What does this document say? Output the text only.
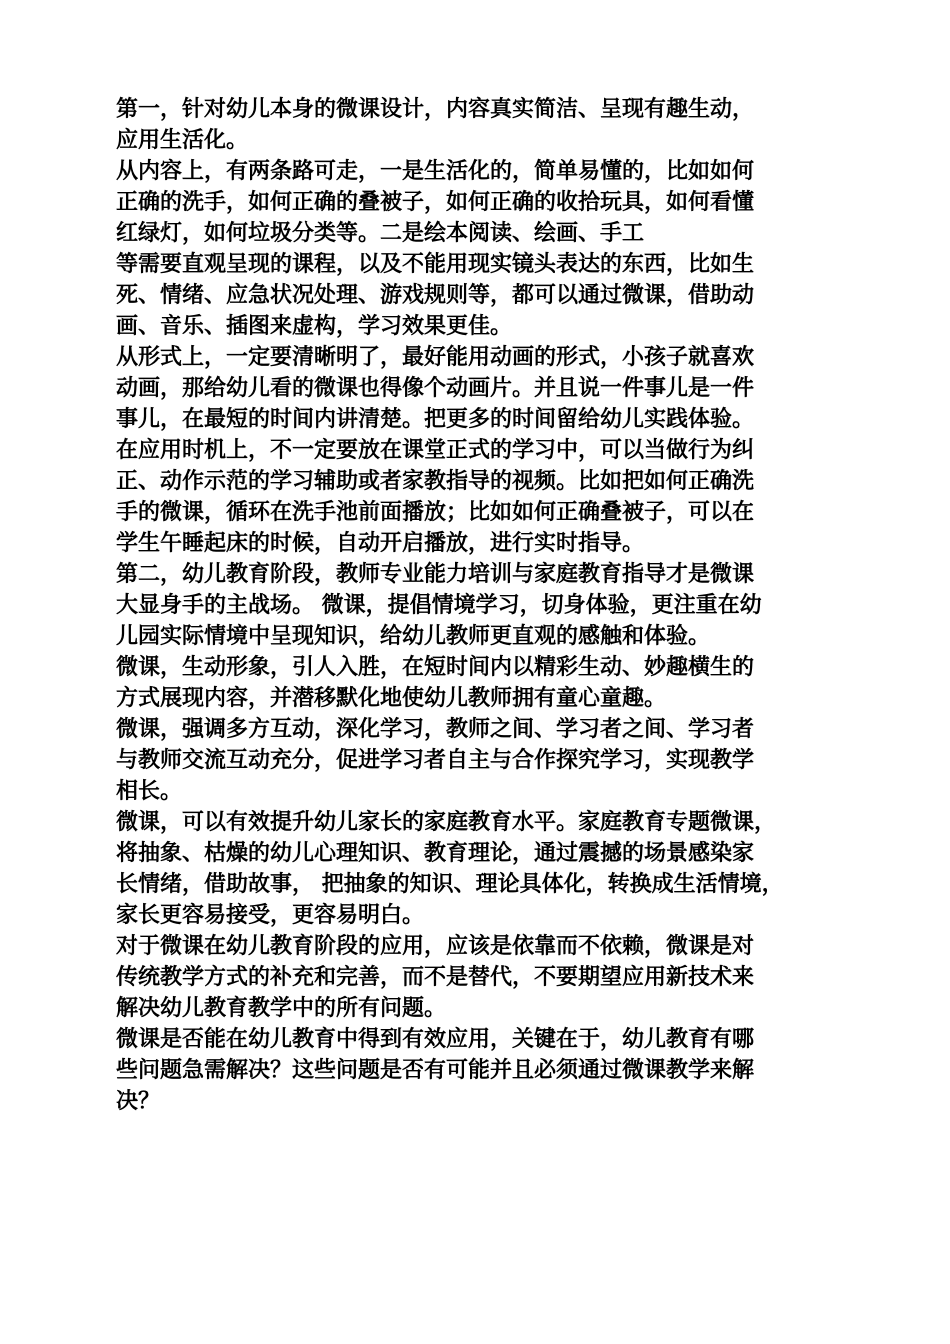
第一，针对幼儿本身的微课设计，内容真实简洁、呈现有趣生动，
应用生活化。
从内容上，有两条路可走，一是生活化的，简单易懂的，比如如何
正确的洗手，如何正确的叠被子，如何正确的收拾玩具，如何看懂
红绿灯，如何垃圾分类等。二是绘本阅读、绘画、手工
等需要直观呈现的课程，以及不能用现实镜头表达的东西，比如生
死、情绪、应急状况处理、游戏规则等，都可以通过微课，借助动
画、音乐、插图来虚构，学习效果更佳。
从形式上，一定要清晰明了，最好能用动画的形式，小孩子就喜欢
动画，那给幼儿看的微课也得像个动画片。并且说一件事儿是一件
事儿，在最短的时间内讲清楚。把更多的时间留给幼儿实践体验。
在应用时机上，不一定要放在课堂正式的学习中，可以当做行为纠
正、动作示范的学习辅助或者家教指导的视频。比如把如何正确洗
手的微课，循环在洗手池前面播放；比如如何正确叠被子，可以在
学生午睡起床的时候，自动开启播放，进行实时指导。
第二，幼儿教育阶段，教师专业能力培训与家庭教育指导才是微课
大显身手的主战场。 微课，提倡情境学习，切身体验，更注重在幼
儿园实际情境中呈现知识，给幼儿教师更直观的感触和体验。
微课，生动形象，引人入胜，在短时间内以精彩生动、妙趣横生的
方式展现内容，并潜移默化地使幼儿教师拥有童心童趣。
微课，强调多方互动，深化学习，教师之间、学习者之间、学习者
与教师交流互动充分，促进学习者自主与合作探究学习，实现教学
相长。
微课，可以有效提升幼儿家长的家庭教育水平。家庭教育专题微课，
将抽象、枯燥的幼儿心理知识、教育理论，通过震撼的场景感染家
长情绪，借助故事， 把抽象的知识、理论具体化，转换成生活情境，
家长更容易接受，更容易明白。
对于微课在幼儿教育阶段的应用，应该是依靠而不依赖，微课是对
传统教学方式的补充和完善，而不是替代，不要期望应用新技术来
解决幼儿教育教学中的所有问题。
微课是否能在幼儿教育中得到有效应用，关键在于，幼儿教育有哪
些问题急需解决？这些问题是否有可能并且必须通过微课教学来解
决？
